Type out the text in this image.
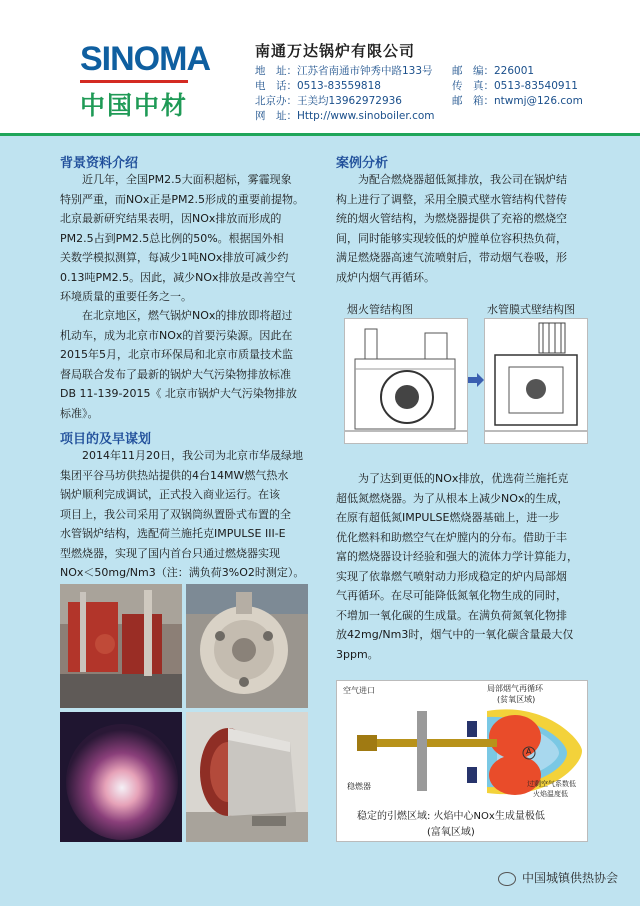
SINOMA
中国中材
南通万达锅炉有限公司
地　址：江苏省南通市钟秀中路133号 邮　编：226001
电　话：0513-83559818	传　真：0513-83540911
北京办：王美均13962972936	邮　箱：ntwmj@126.com
网　址：Http://www.sinoboiler.com
背景资料介绍
　　近几年，全国PM2.5大面积超标，雾霾现象
特别严重，而NOx正是PM2.5形成的重要前提物。
北京最新研究结果表明，因NOx排放而形成的
PM2.5占到PM2.5总比例的50%。根据国外相
关数学模拟测算，每减少1吨NOx排放可减少约
0.13吨PM2.5。因此，减少NOx排放是改善空气
环境质量的重要任务之一。
　　在北京地区，燃气锅炉NOx的排放即将超过
机动车，成为北京市NOx的首要污染源。因此在
2015年5月，北京市环保局和北京市质量技术监
督局联合发布了最新的锅炉大气污染物排放标准
DB 11-139-2015《 北京市锅炉大气污染物排放
标准》。
项目的及早谋划
　　2014年11月20日，我公司为北京市华晟绿地
集团平谷马坊供热站提供的4台14MW燃气热水
锅炉顺利完成调试，正式投入商业运行。在该
项目上，我公司采用了双锅筒纵置卧式布置的全
水管锅炉结构，选配荷兰施托克IMPULSE III-E
型燃烧器，实现了国内首台只通过燃烧器实现
NOx＜50mg/Nm3（注：满负荷3%O2时测定）。
案例分析
　　为配合燃烧器超低氮排放，我公司在锅炉结
构上进行了调整，采用全膜式壁水管结构代替传
统的烟火管结构，为燃烧器提供了充裕的燃烧空
间，同时能够实现较低的炉膛单位容积热负荷，
满足燃烧器高速气流喷射后，带动烟气卷吸，形
成炉内烟气再循环。
烟火管结构图	水管膜式壁结构图
　　为了达到更低的NOx排放，优选荷兰施托克
超低氮燃烧器。为了从根本上减少NOx的生成，
在原有超低氮IMPULSE燃烧器基础上，进一步
优化燃料和助燃空气在炉膛内的分布。借助于丰
富的燃烧器设计经验和强大的流体力学计算能力，
实现了依靠燃气喷射动力形成稳定的炉内局部烟
气再循环。在尽可能降低氮氧化物生成的同时，
不增加一氧化碳的生成量。在满负荷氮氧化物排
放42mg/Nm3时，烟气中的一氧化碳含量最大仅
3ppm。
空气进口	局部烟气再循环
(贫氧区域)
稳燃器	过剩空气系数低
火焰温度低
A
稳定的引燃区域: 火焰中心NOx生成量极低
(富氧区域)
中国城镇供热协会
